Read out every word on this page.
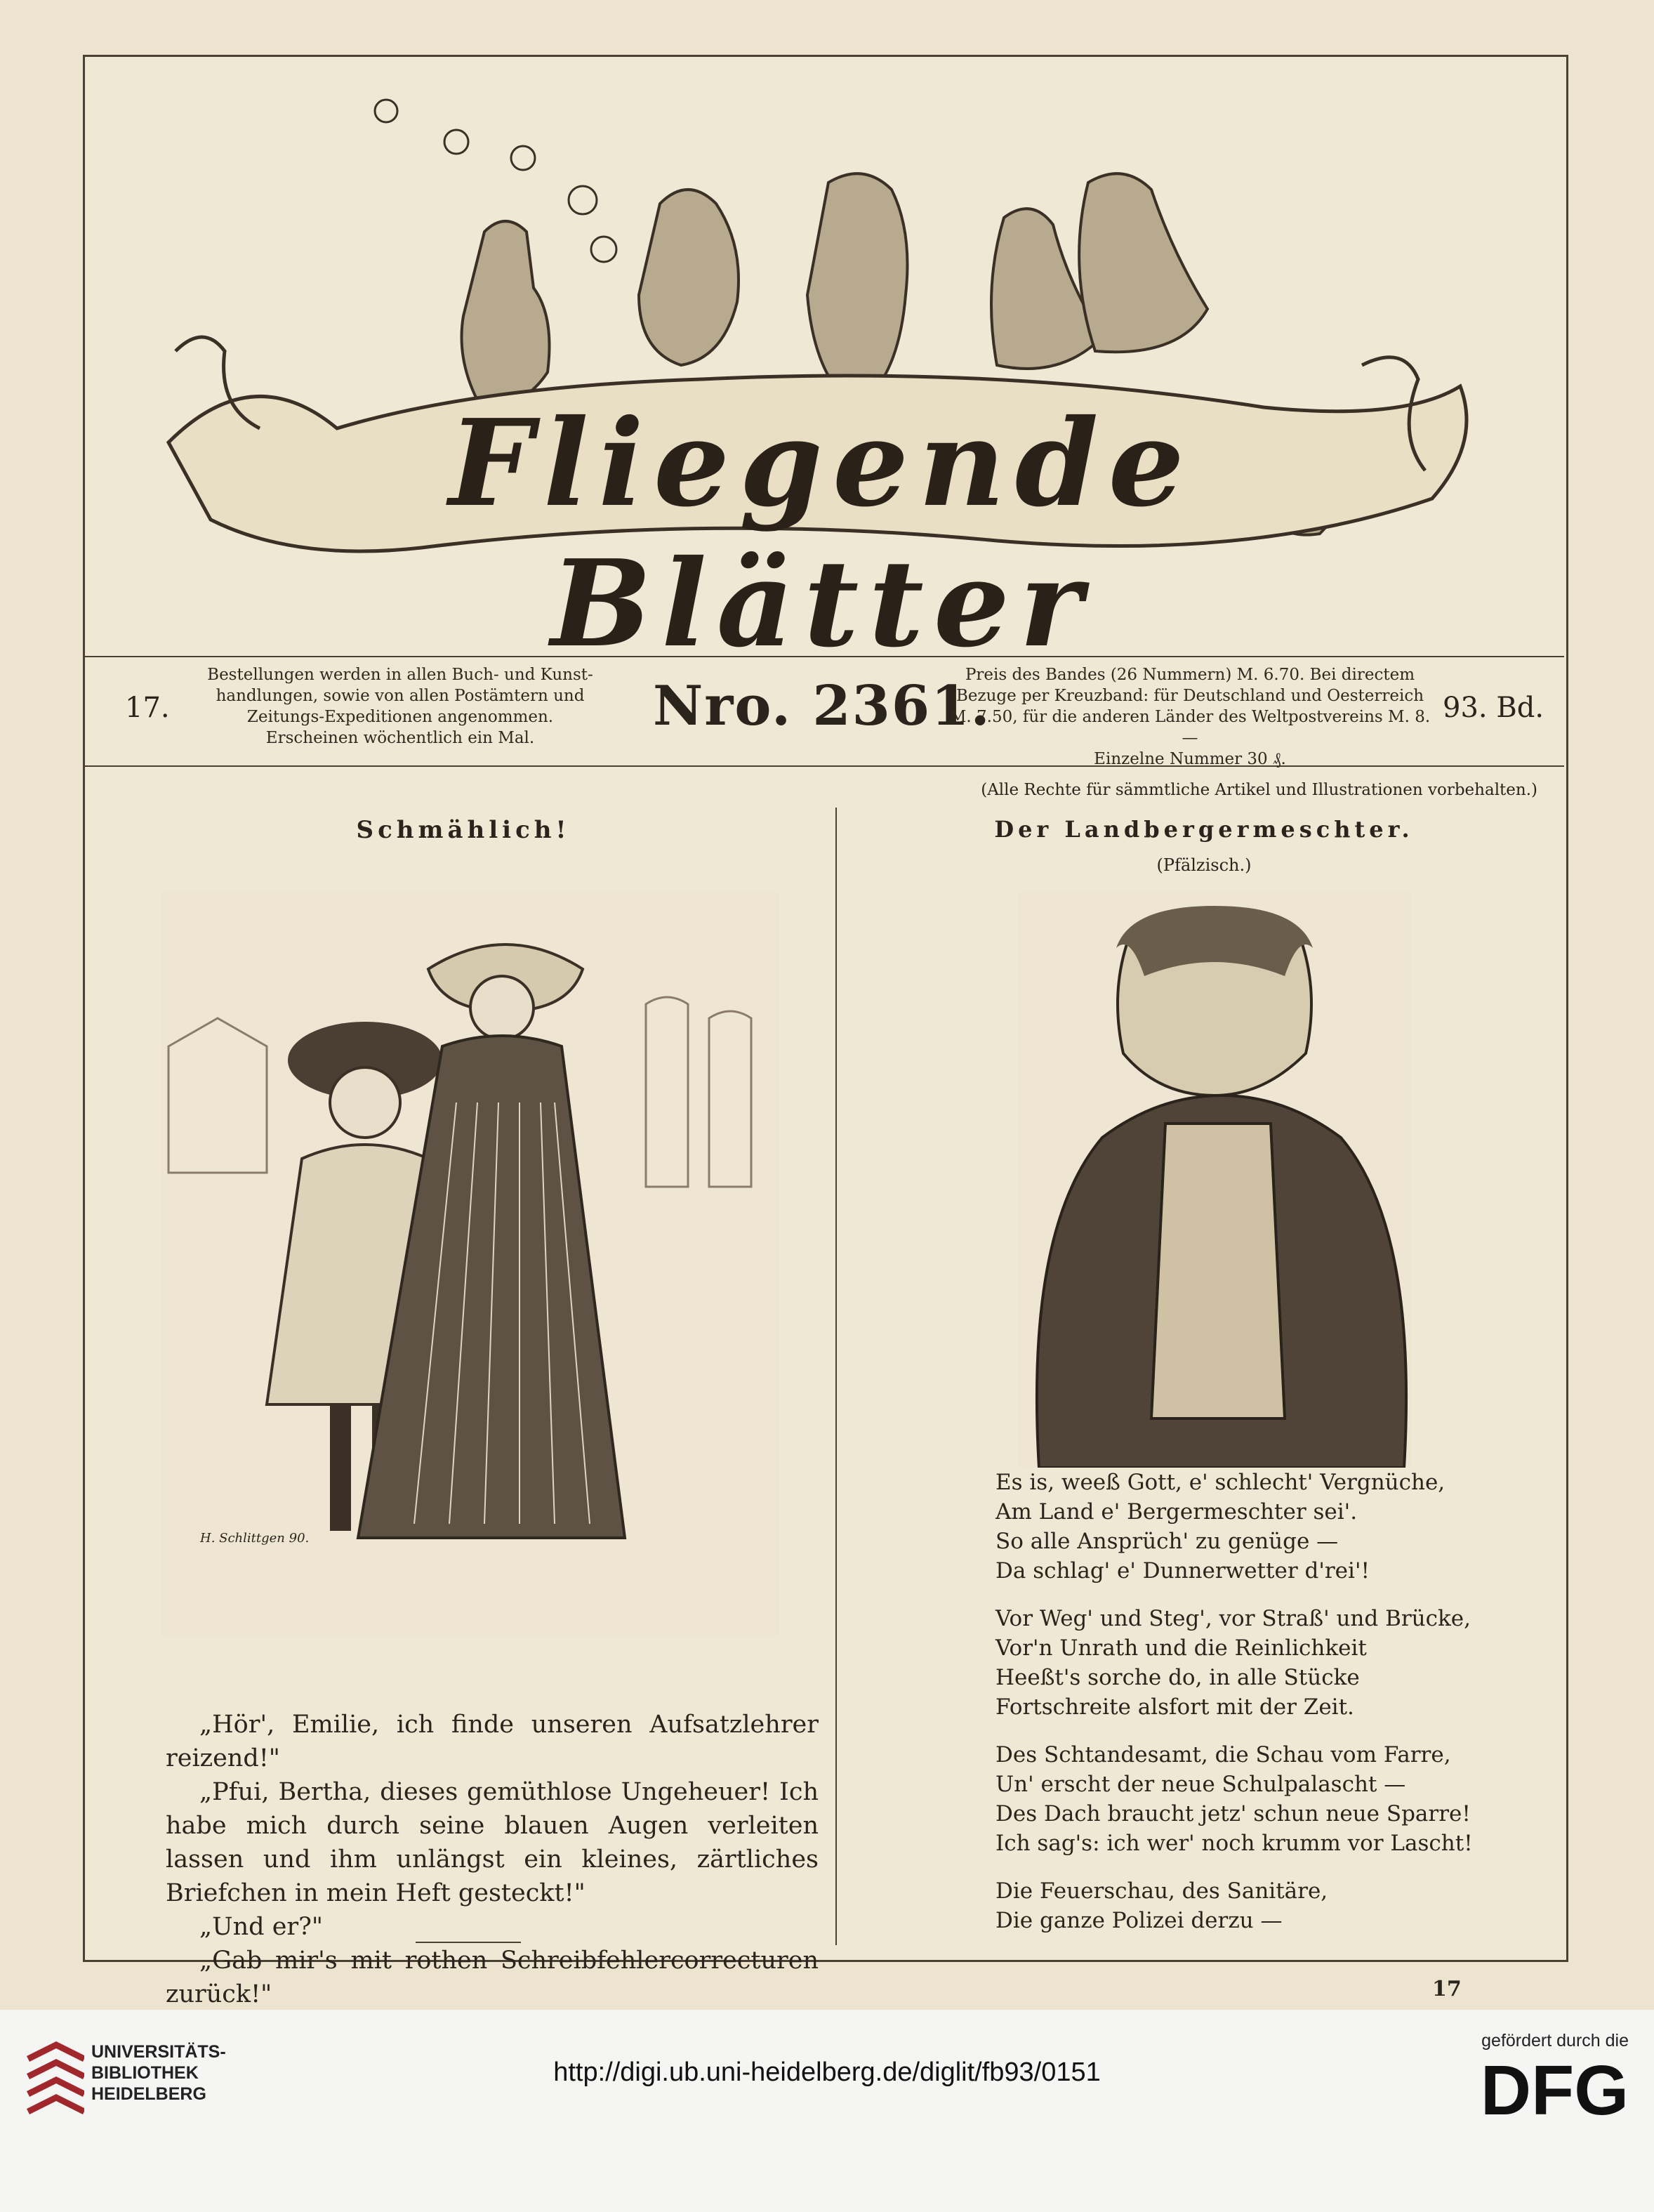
Fliegende Blätter
17.
Bestellungen werden in allen Buch- und Kunst-
handlungen, sowie von allen Postämtern und
Zeitungs-Expeditionen angenommen.
Erscheinen wöchentlich ein Mal.	Nro. 2361.
Preis des Bandes (26 Nummern) M. 6.70. Bei directem
Bezuge per Kreuzband: für Deutschland und Oesterreich
M. 7.50, für die anderen Länder des Weltpostvereins M. 8.—
Einzelne Nummer 30 ₰.
93. Bd.
(Alle Rechte für sämmtliche Artikel und Illustrationen vorbehalten.)
Schmählich!
H. Schlittgen 90.

„Hör', Emilie, ich finde unseren Aufsatzlehrer reizend!"

„Pfui, Bertha, dieses gemüthlose Ungeheuer! Ich habe mich durch seine blauen Augen verleiten lassen und ihm unlängst ein kleines, zärtliches Briefchen in mein Heft gesteckt!"

„Und er?"

„Gab mir's mit rothen Schreibfehlercorrecturen zurück!"

Der Landbergermeschter.
(Pfälzisch.)

Es is, weeß Gott, e' schlecht' Vergnüche,

Am Land e' Bergermeschter sei'.

So alle Ansprüch' zu genüge —

Da schlag' e' Dunnerwetter d'rei'!

Vor Weg' und Steg', vor Straß' und Brücke,

Vor'n Unrath und die Reinlichkeit

Heeßt's sorche do, in alle Stücke

Fortschreite alsfort mit der Zeit.

Des Schtandesamt, die Schau vom Farre,

Un' erscht der neue Schulpalascht —

Des Dach braucht jetz' schun neue Sparre!

Ich sag's: ich wer' noch krumm vor Lascht!

Die Feuerschau, des Sanitäre,

Die ganze Polizei derzu —

17
UNIVERSITÄTS-
BIBLIOTHEK
HEIDELBERG
http://digi.ub.uni-heidelberg.de/diglit/fb93/0151
gefördert durch die
DFG
